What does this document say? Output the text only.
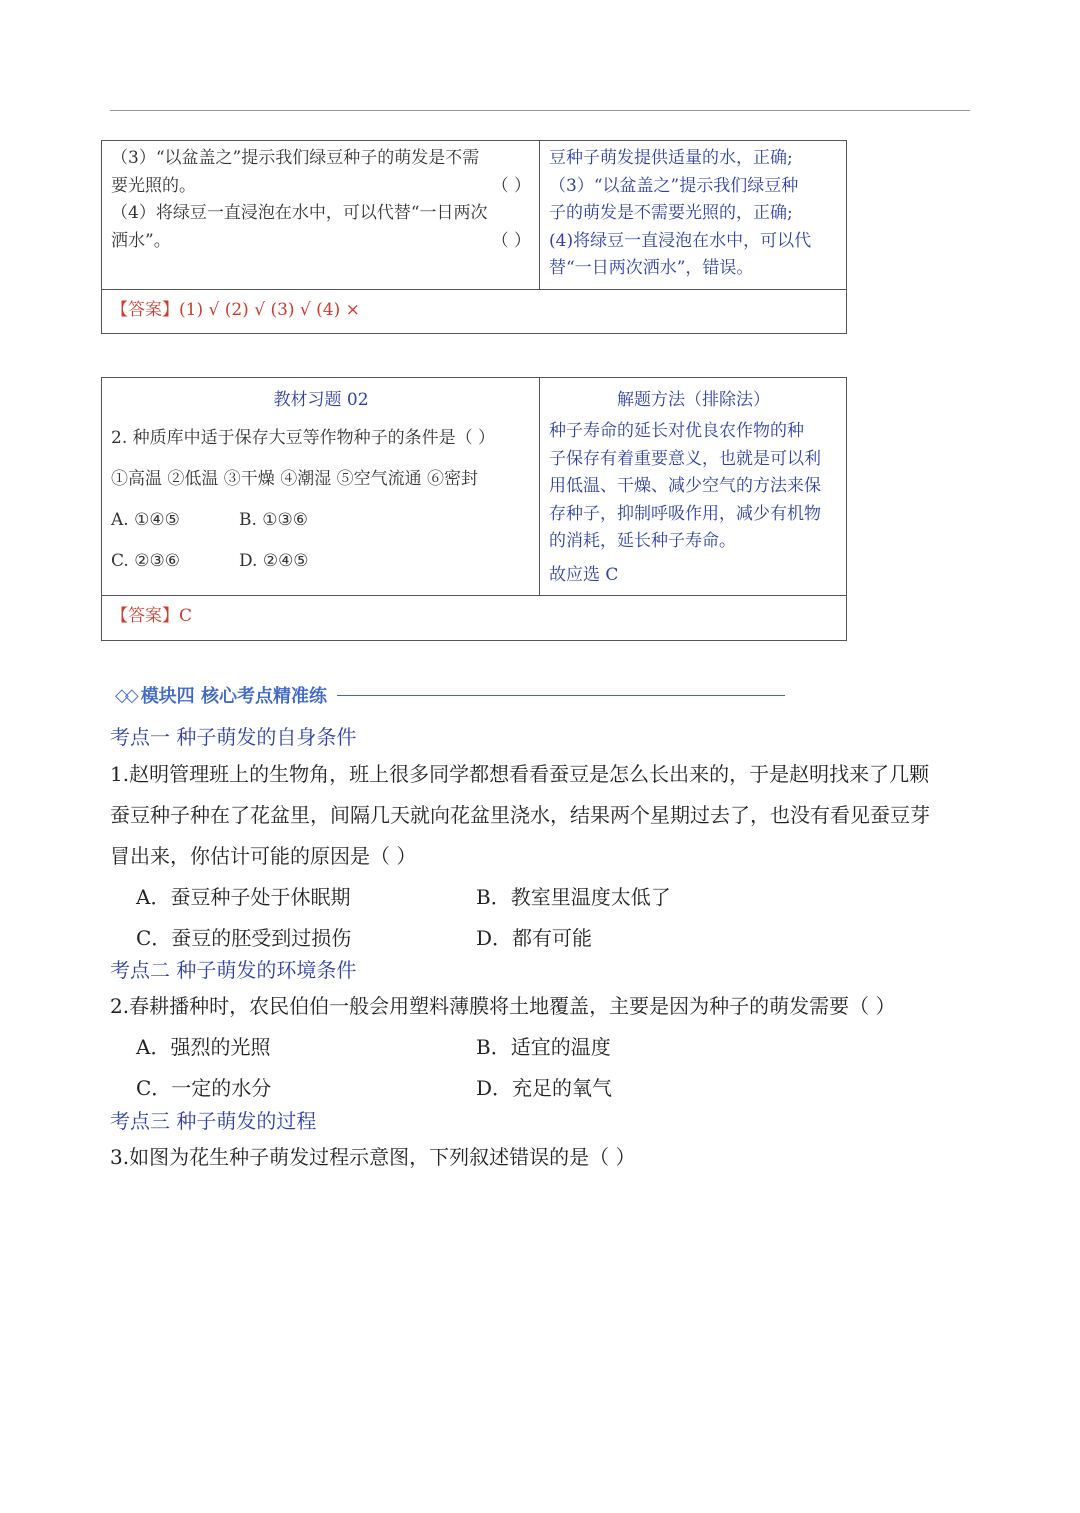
（3）“以盆盖之”提示我们绿豆种子的萌发是不需
要光照的。	（ ）
（4）将绿豆一直浸泡在水中，可以代替“一日两次
洒水”。	（ ）

豆种子萌发提供适量的水，正确;
（3）“以盆盖之”提示我们绿豆种
子的萌发是不需要光照的，正确;
(4)将绿豆一直浸泡在水中，可以代
替“一日两次洒水”，错误。

【答案】(1) √ (2) √ (3) √ (4) ×
教材习题 02
2. 种质库中适于保存大豆等作物种子的条件是（ ）
①高温 ②低温 ③干燥 ④潮湿 ⑤空气流通 ⑥密封
A. ①④⑤	B. ①③⑥
C. ②③⑥	D. ②④⑤

解题方法（排除法）
种子寿命的延长对优良农作物的种
子保存有着重要意义，也就是可以利
用低温、干燥、减少空气的方法来保
存种子，抑制呼吸作用，减少有机物
的消耗，延长种子寿命。
故应选 C

【答案】C
◇◇ 模块四 核心考点精准练
考点一 种子萌发的自身条件
1.赵明管理班上的生物角，班上很多同学都想看看蚕豆是怎么长出来的，于是赵明找来了几颗
蚕豆种子种在了花盆里，间隔几天就向花盆里浇水，结果两个星期过去了，也没有看见蚕豆芽
冒出来，你估计可能的原因是（ ）
A．蚕豆种子处于休眠期	B．教室里温度太低了
C．蚕豆的胚受到过损伤	D．都有可能
考点二 种子萌发的环境条件
2.春耕播种时，农民伯伯一般会用塑料薄膜将土地覆盖，主要是因为种子的萌发需要（ ）
A．强烈的光照	B．适宜的温度
C．一定的水分	D．充足的氧气
考点三 种子萌发的过程
3.如图为花生种子萌发过程示意图，下列叙述错误的是（ ）
